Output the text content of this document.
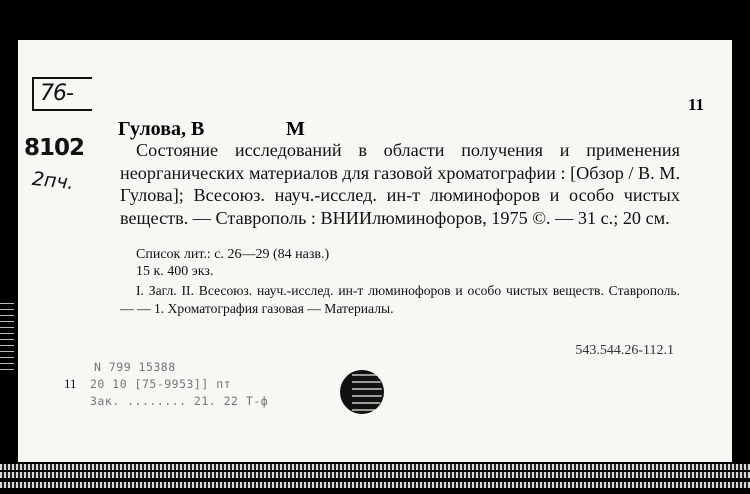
76-
8102
2пч.
11
Гулова, В	М
Состояние исследований в области получения и применения неорганических материалов для газовой хроматографии : [Обзор / В. М. Гулова]; Всесоюз. науч.-исслед. ин-т люминофоров и особо чистых веществ. — Ставрополь : ВНИИлюминофоров, 1975 ©. — 31 с.; 20 см.
Список лит.: с. 26—29 (84 назв.)
15 к. 400 экз.
I. Загл. II. Всесоюз. науч.-исслед. ин-т люминофоров и особо чистых веществ. Ставрополь. — — 1. Хроматография газовая — Материалы.
543.544.26-112.1
N 799 15388
11 20 10 [75-9953]] пт
Зак. ........ 21. 22 Т-ф
